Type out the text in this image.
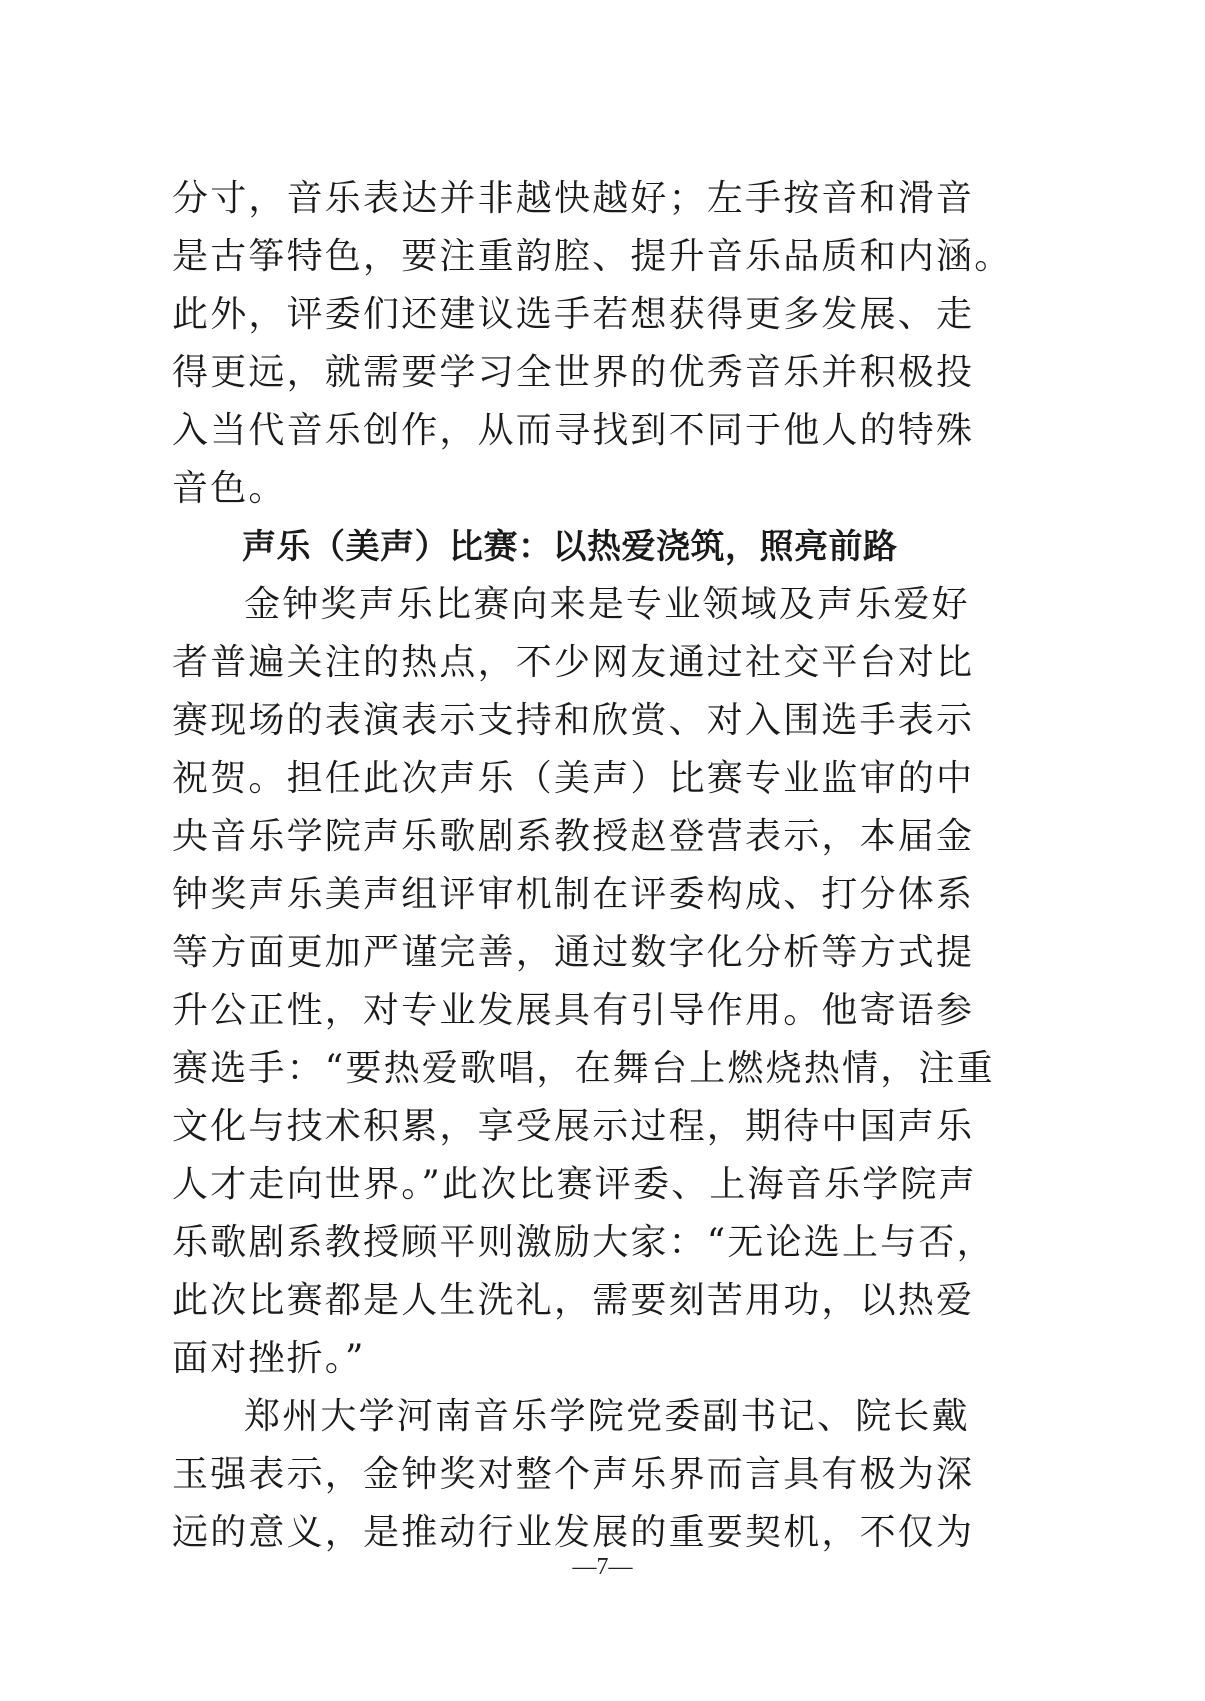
分寸，音乐表达并非越快越好；左手按音和滑音
是古筝特色，要注重韵腔、提升音乐品质和内涵。
此外，评委们还建议选手若想获得更多发展、走
得更远，就需要学习全世界的优秀音乐并积极投
入当代音乐创作，从而寻找到不同于他人的特殊
音色。
声乐（美声）比赛：以热爱浇筑，照亮前路
金钟奖声乐比赛向来是专业领域及声乐爱好
者普遍关注的热点，不少网友通过社交平台对比
赛现场的表演表示支持和欣赏、对入围选手表示
祝贺。担任此次声乐（美声）比赛专业监审的中
央音乐学院声乐歌剧系教授赵登营表示，本届金
钟奖声乐美声组评审机制在评委构成、打分体系
等方面更加严谨完善，通过数字化分析等方式提
升公正性，对专业发展具有引导作用。他寄语参
赛选手：“要热爱歌唱，在舞台上燃烧热情，注重
文化与技术积累，享受展示过程，期待中国声乐
人才走向世界。”此次比赛评委、上海音乐学院声
乐歌剧系教授顾平则激励大家：“无论选上与否，
此次比赛都是人生洗礼，需要刻苦用功，以热爱
面对挫折。”
郑州大学河南音乐学院党委副书记、院长戴
玉强表示，金钟奖对整个声乐界而言具有极为深
远的意义，是推动行业发展的重要契机，不仅为
—7—
